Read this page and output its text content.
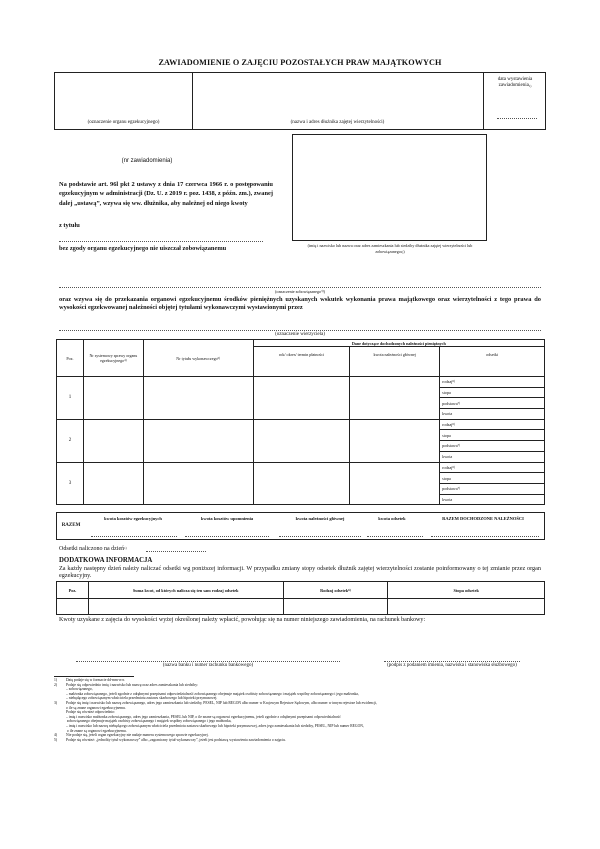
ZAWIADOMIENIE O ZAJĘCIU POZOSTAŁYCH PRAW MAJĄTKOWYCH
(oznaczenie organu egzekucyjnego)	(nazwa i adres dłużnika zajętej wierzytelności)
data wystawienia zawiadomienia$^{1)}$
(nr zawiadomienia)
Na podstawie art. 96l pkt 2 ustawy z dnia 17 czerwca 1966 r. o postępowaniu egzekucyjnym w administracji (Dz. U. z 2019 r. poz. 1438, z późn. zm.), zwanej dalej „ustawą”, wzywa się ww. dłużnika, aby należnej od niego kwoty
z tytułu
bez zgody organu egzekucyjnego nie uiszczał zobowiązanemu	(imię i nazwisko lub nazwa oraz adres zamieszkania lub siedziby dłużnika zajętej wierzytelności lub zobowiązanego$^{2)}$)
(oznaczenie zobowiązanego$^{3)}$)
oraz wzywa się do przekazania organowi egzekucyjnemu środków pieniężnych uzyskanych wskutek wykonania prawa majątkowego oraz wierzytelności z tego prawa do wysokości egzekwowanej należności objętej tytułami wykonawczymi wystawionymi przez
(oznaczenie wierzyciela)
Poz.	Nr systemowy sprawy organu egzekucyjnego$^{4)}$	Nr tytułu wykonawczego$^{5)}$	Dane dotyczące dochodzonych należności pieniężnych		
			rok/ okres/ termin płatności	kwota należności głównej	odsetki
1					rodzaj$^{6)}$
					stopa
					podstawa$^{7)}$
					kwota
2					rodzaj$^{6)}$
					stopa
					podstawa$^{7)}$
					kwota
3					rodzaj$^{6)}$
					stopa
					podstawa$^{7)}$
					kwota
RAZEM
kwota kosztów egzekucyjnych	kwota kosztów upomnienia	kwota należności głównej	kwota odsetek	RAZEM DOCHODZONE NALEŻNOŚCI
Odsetki naliczono na dzień$^{1)}$
DODATKOWA INFORMACJA
Za każdy następny dzień należy naliczać odsetki wg poniższej informacji. W przypadku zmiany stopy odsetek dłużnik zajętej wierzytelności zostanie poinformowany o tej zmianie przez organ egzekucyjny.
Poz.	Suma kwot, od których nalicza się ten sam rodzaj odsetek	Rodzaj odsetek$^{6)}$	Stopa odsetek

Kwoty uzyskane z zajęcia do wysokości wyżej określonej należy wpłacić, powołując się na numer niniejszego zawiadomienia, na rachunek bankowy:
(nazwa banku i numer rachunku bankowego)	(podpis z podaniem imienia, nazwiska i stanowiska służbowego)
1) Datę podaje się w formacie dd-mm-rrrr.
2) Podaje się odpowiednio imię i nazwisko lub nazwę oraz adres zamieszkania lub siedziby:
– zobowiązanego,
– małżonka zobowiązanego, jeżeli zgodnie z odrębnymi przepisami odpowiedzialność zobowiązanego obejmuje majątek osobisty zobowiązanego i majątek wspólny zobowiązanego i jego małżonka,
– niebędącego zobowiązanym właściciela przedmiotu zastawu skarbowego lub hipoteki przymusowej.
3) Podaje się imię i nazwisko lub nazwę zobowiązanego, adres jego zamieszkania lub siedziby, PESEL, NIP lub REGON albo numer w Krajowym Rejestrze Sądowym, albo numer w innym rejestrze lub ewidencji,
o ile są znane organowi egzekucyjnemu.
Podaje się również odpowiednio:
– imię i nazwisko małżonka zobowiązanego, adres jego zamieszkania, PESEL lub NIP, o ile znane są organowi egzekucyjnemu, jeżeli zgodnie z odrębnymi przepisami odpowiedzialność
zobowiązanego obejmuje majątek osobisty zobowiązanego i majątek wspólny zobowiązanego i jego małżonka,
– imię i nazwisko lub nazwę niebędącego zobowiązanym właściciela przedmiotu zastawu skarbowego lub hipoteki przymusowej, adres jego zamieszkania lub siedziby, PESEL, NIP lub numer REGON,
o ile znane są organowi egzekucyjnemu.
4) Nie podaje się, jeżeli organ egzekucyjny nie nadaje numeru systemowego sprawie egzekucyjnej.
5) Podaje się również: „jednolity tytuł wykonawczy” albo „zagraniczny tytuł wykonawczy”, jeżeli jest podstawą wystawienia zawiadomienia o zajęciu.
